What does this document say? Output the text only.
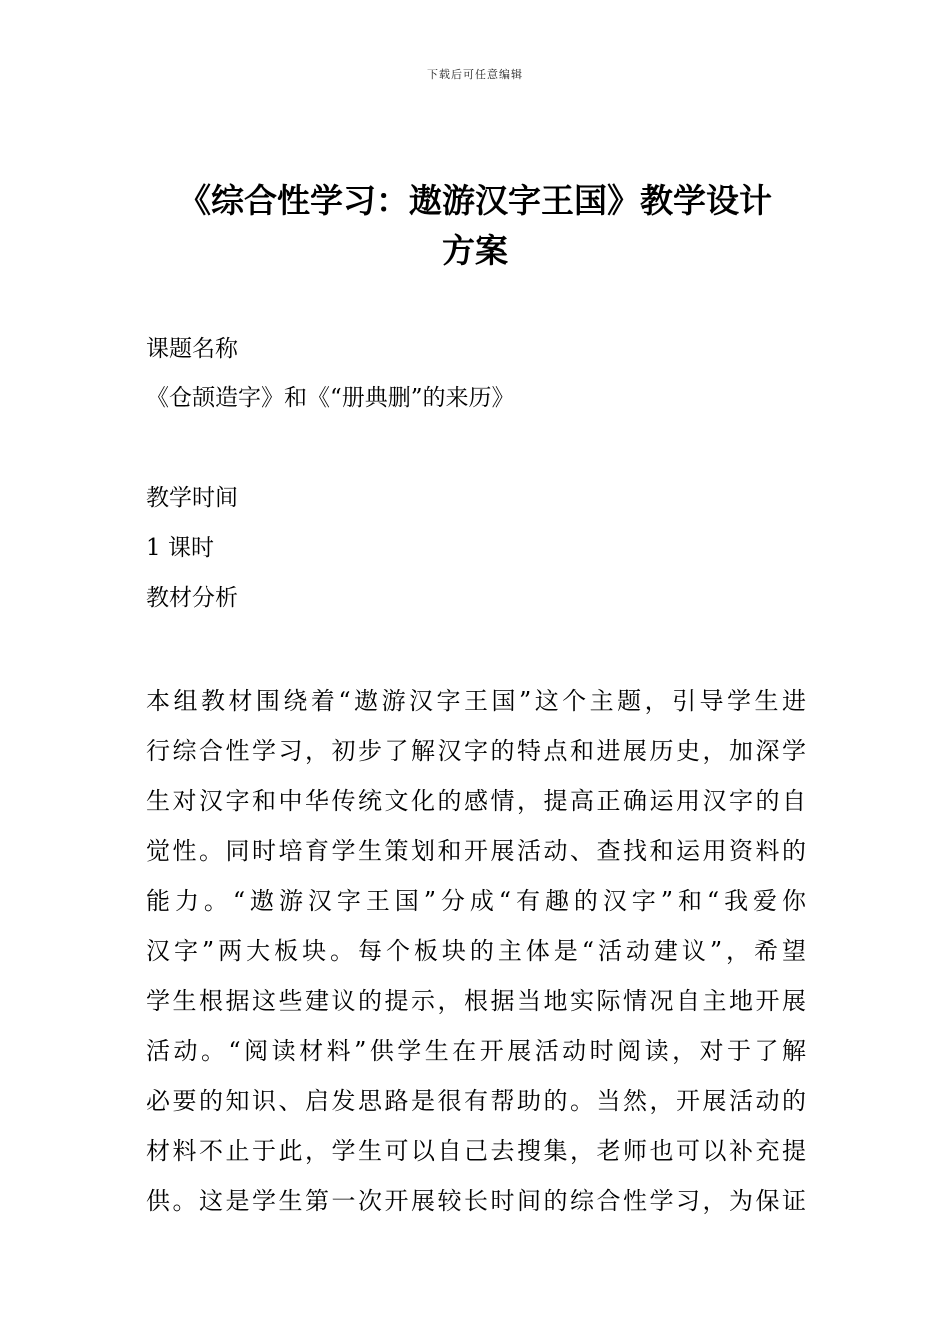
下载后可任意编辑
《综合性学习：遨游汉字王国》教学设计
方案
课题名称
《仓颉造字》和《“册典删”的来历》
教学时间
1 课时
教材分析
本组教材围绕着“遨游汉字王国”这个主题，引导学生进
行综合性学习，初步了解汉字的特点和进展历史，加深学
生对汉字和中华传统文化的感情，提高正确运用汉字的自
觉性。同时培育学生策划和开展活动、查找和运用资料的
能力。“遨游汉字王国”分成“有趣的汉字”和“我爱你
汉字”两大板块。每个板块的主体是“活动建议”，希望
学生根据这些建议的提示，根据当地实际情况自主地开展
活动。“阅读材料”供学生在开展活动时阅读，对于了解
必要的知识、启发思路是很有帮助的。当然，开展活动的
材料不止于此，学生可以自己去搜集，老师也可以补充提
供。这是学生第一次开展较长时间的综合性学习，为保证
